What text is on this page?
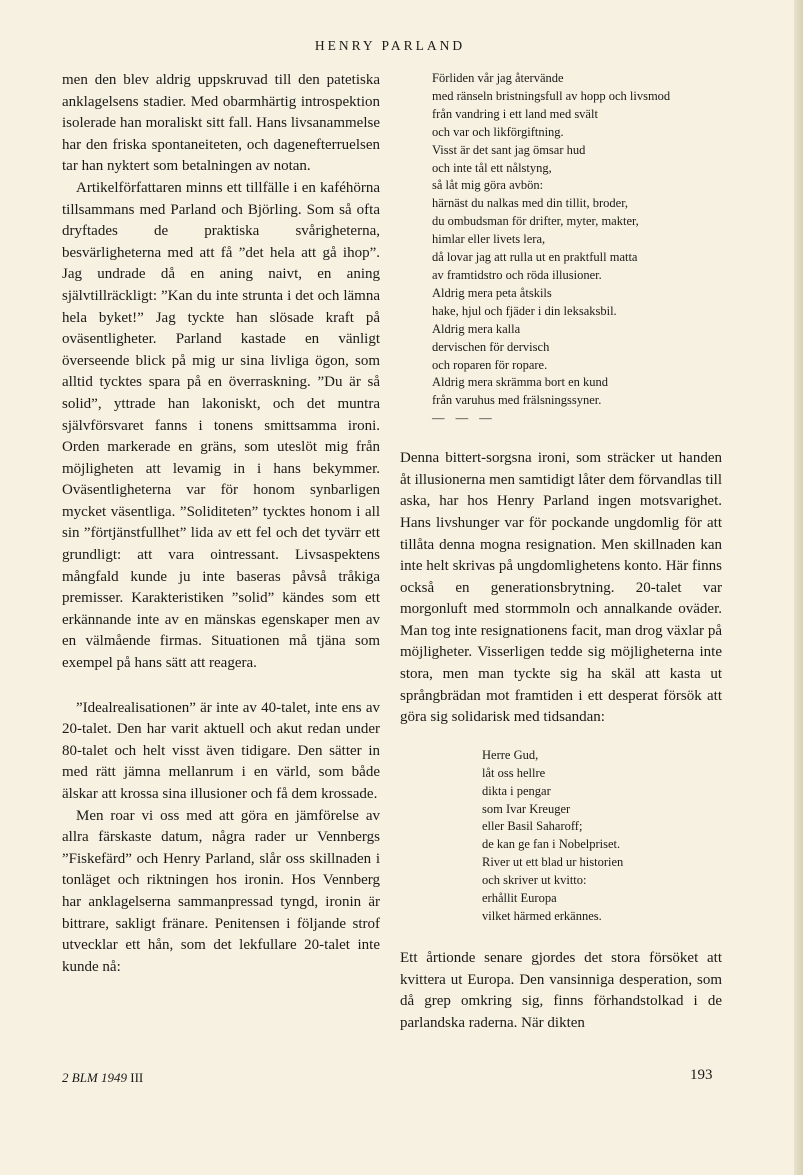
HENRY PARLAND

men den blev aldrig uppskruvad till den patetiska anklagelsens stadier. Med obarmhärtig introspektion isolerade han moraliskt sitt fall. Hans livsanammelse har den friska spontaneiteten, och dagenefterruelsen tar han nyktert som betalningen av notan.

Artikelförfattaren minns ett tillfälle i en kaféhörna tillsammans med Parland och Björling. Som så ofta dryftades de praktiska svårigheterna, besvärligheterna med att få ”det hela att gå ihop”. Jag undrade då en aning naivt, en aning självtillräckligt: ”Kan du inte strunta i det och lämna hela byket!” Jag tyckte han slösade kraft på oväsentligheter. Parland kastade en vänligt överseende blick på mig ur sina livliga ögon, som alltid tycktes spara på en överraskning. ”Du är så solid”, yttrade han lakoniskt, och det muntra självförsvaret fanns i tonens smittsamma ironi. Orden markerade en gräns, som uteslöt mig från möjligheten att levamig in i hans bekymmer. Oväsentligheterna var för honom synbarligen mycket väsentliga. ”Soliditeten” tycktes honom i all sin ”förtjänstfullhet” lida av ett fel och det tyvärr ett grundligt: att vara ointressant. Livsaspektens mångfald kunde ju inte baseras påvså tråkiga premisser. Karakteristiken ”solid” kändes som ett erkännande inte av en mänskas egenskaper men av en välmående firmas. Situationen må tjäna som exempel på hans sätt att reagera.

”Idealrealisationen” är inte av 40-talet, inte ens av 20-talet. Den har varit aktuell och akut redan under 80-talet och helt visst även tidigare. Den sätter in med rätt jämna mellanrum i en värld, som både älskar att krossa sina illusioner och få dem krossade.

Men roar vi oss med att göra en jämförelse av allra färskaste datum, några rader ur Vennbergs ”Fiskefärd” och Henry Parland, slår oss skillnaden i tonläget och riktningen hos ironin. Hos Vennberg har anklagelserna sammanpressad tyngd, ironin är bittrare, sakligt fränare. Penitensen i följande strof utvecklar ett hån, som det lekfullare 20-talet inte kunde nå:

Förliden vår jag återvände
med ränseln bristningsfull av hopp och livsmod
från vandring i ett land med svält
och var och likförgiftning.
Visst är det sant jag ömsar hud
och inte tål ett nålstyng,
så låt mig göra avbön:
härnäst du nalkas med din tillit, broder,
du ombudsman för drifter, myter, makter,
himlar eller livets lera,
då lovar jag att rulla ut en praktfull matta
av framtidstro och röda illusioner.
Aldrig mera peta åtskils
hake, hjul och fjäder i din leksaksbil.
Aldrig mera kalla
dervischen för dervisch
och roparen för ropare.
Aldrig mera skrämma bort en kund
från varuhus med frälsningssyner.
— — —

Denna bittert-sorgsna ironi, som sträcker ut handen åt illusionerna men samtidigt låter dem förvandlas till aska, har hos Henry Parland ingen motsvarighet. Hans livshunger var för pockande ungdomlig för att tillåta denna mogna resignation. Men skillnaden kan inte helt skrivas på ungdomlighetens konto. Här finns också en generationsbrytning. 20-talet var morgonluft med stormmoln och annalkande oväder. Man tog inte resignationens facit, man drog växlar på möjligheter. Visserligen tedde sig möjligheterna inte stora, men man tyckte sig ha skäl att kasta ut språngbrädan mot framtiden i ett desperat försök att göra sig solidarisk med tidsandan:

Herre Gud,
låt oss hellre
dikta i pengar
som Ivar Kreuger
eller Basil Saharoff;
de kan ge fan i Nobelpriset.
River ut ett blad ur historien
och skriver ut kvitto:
erhållit Europa
vilket härmed erkännes.

Ett årtionde senare gjordes det stora försöket att kvittera ut Europa. Den vansinniga desperation, som då grep omkring sig, finns förhandstolkad i de parlandska raderna. När dikten

2 BLM 1949 III	193
